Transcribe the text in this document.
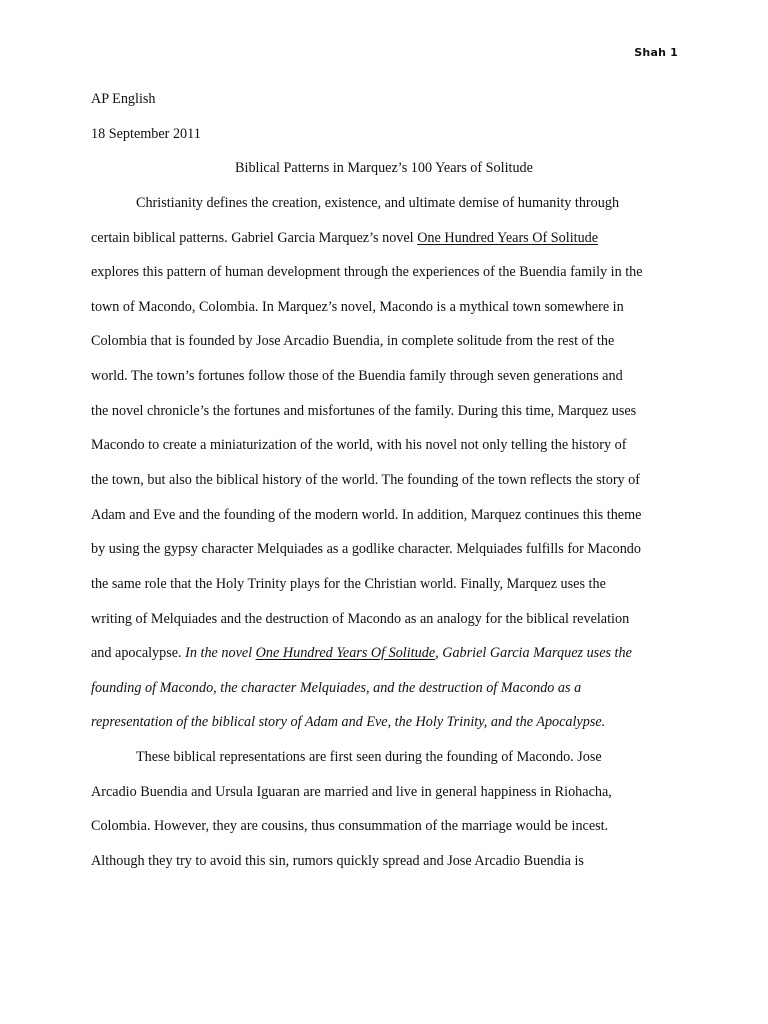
Shah 1
AP English
18 September 2011
Biblical Patterns in Marquez’s 100 Years of Solitude
Christianity defines the creation, existence, and ultimate demise of humanity through
certain biblical patterns. Gabriel Garcia Marquez’s novel One Hundred Years Of Solitude
explores this pattern of human development through the experiences of the Buendia family in the
town of Macondo, Colombia. In Marquez’s novel, Macondo is a mythical town somewhere in
Colombia that is founded by Jose Arcadio Buendia, in complete solitude from the rest of the
world. The town’s fortunes follow those of the Buendia family through seven generations and
the novel chronicle’s the fortunes and misfortunes of the family. During this time, Marquez uses
Macondo to create a miniaturization of the world, with his novel not only telling the history of
the town, but also the biblical history of the world. The founding of the town reflects the story of
Adam and Eve and the founding of the modern world. In addition, Marquez continues this theme
by using the gypsy character Melquiades as a godlike character. Melquiades fulfills for Macondo
the same role that the Holy Trinity plays for the Christian world. Finally, Marquez uses the
writing of Melquiades and the destruction of Macondo as an analogy for the biblical revelation
and apocalypse. In the novel One Hundred Years Of Solitude, Gabriel Garcia Marquez uses the
founding of Macondo, the character Melquiades, and the destruction of Macondo as a
representation of the biblical story of Adam and Eve, the Holy Trinity, and the Apocalypse.
These biblical representations are first seen during the founding of Macondo. Jose
Arcadio Buendia and Ursula Iguaran are married and live in general happiness in Riohacha,
Colombia. However, they are cousins, thus consummation of the marriage would be incest.
Although they try to avoid this sin, rumors quickly spread and Jose Arcadio Buendia is
